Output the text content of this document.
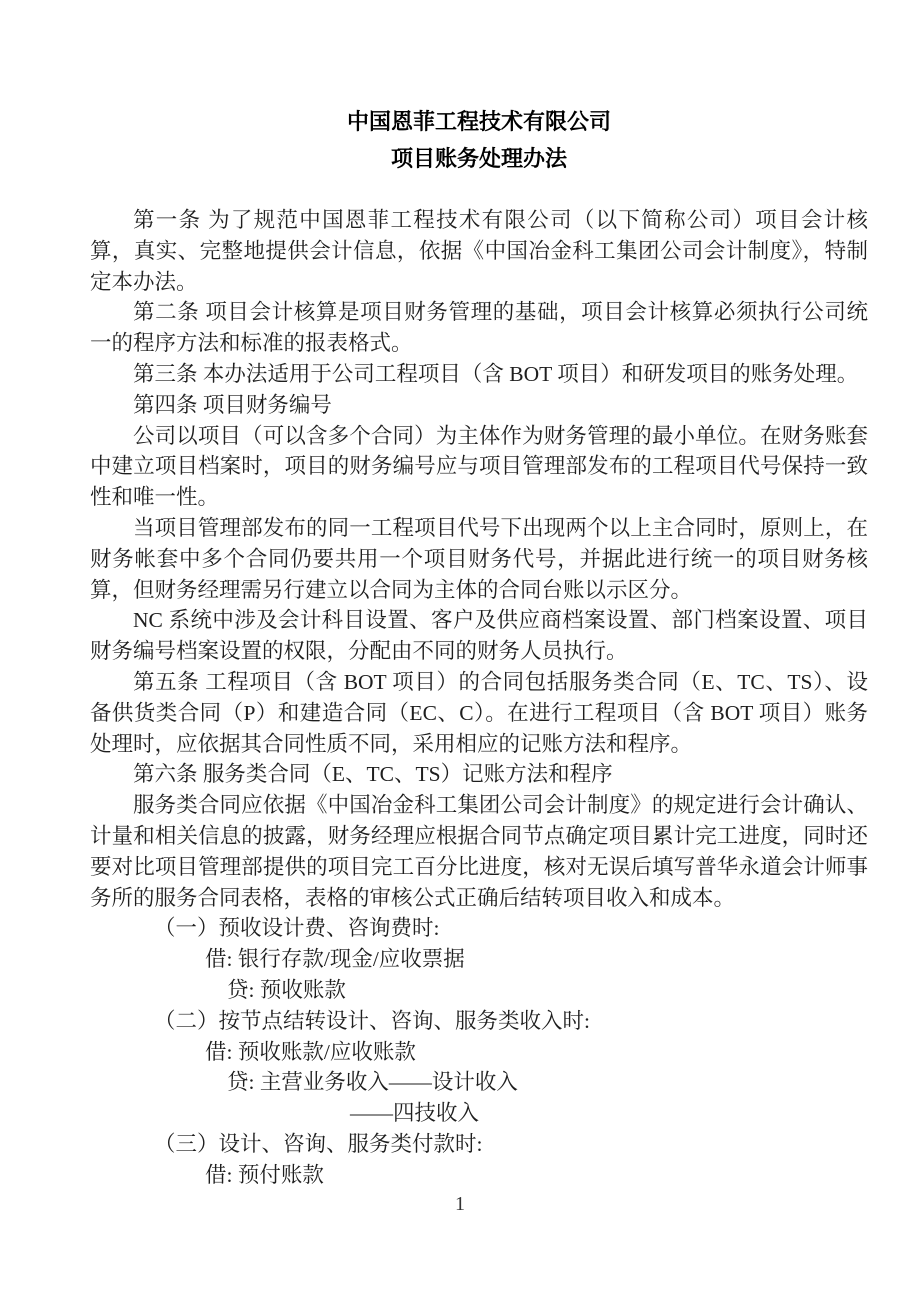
中国恩菲工程技术有限公司
项目账务处理办法

第一条 为了规范中国恩菲工程技术有限公司（以下简称公司）项目会计核算，真实、完整地提供会计信息，依据《中国冶金科工集团公司会计制度》，特制定本办法。

第二条 项目会计核算是项目财务管理的基础，项目会计核算必须执行公司统一的程序方法和标准的报表格式。

第三条 本办法适用于公司工程项目（含 BOT 项目）和研发项目的账务处理。

第四条 项目财务编号

公司以项目（可以含多个合同）为主体作为财务管理的最小单位。在财务账套中建立项目档案时，项目的财务编号应与项目管理部发布的工程项目代号保持一致性和唯一性。

当项目管理部发布的同一工程项目代号下出现两个以上主合同时，原则上，在财务帐套中多个合同仍要共用一个项目财务代号，并据此进行统一的项目财务核算，但财务经理需另行建立以合同为主体的合同台账以示区分。

NC 系统中涉及会计科目设置、客户及供应商档案设置、部门档案设置、项目财务编号档案设置的权限，分配由不同的财务人员执行。

第五条 工程项目（含 BOT 项目）的合同包括服务类合同（E、TC、TS）、设备供货类合同（P）和建造合同（EC、C）。在进行工程项目（含 BOT 项目）账务处理时，应依据其合同性质不同，采用相应的记账方法和程序。

第六条 服务类合同（E、TC、TS）记账方法和程序

服务类合同应依据《中国冶金科工集团公司会计制度》的规定进行会计确认、计量和相关信息的披露，财务经理应根据合同节点确定项目累计完工进度，同时还要对比项目管理部提供的项目完工百分比进度，核对无误后填写普华永道会计师事务所的服务合同表格，表格的审核公式正确后结转项目收入和成本。

（一）预收设计费、咨询费时:
借: 银行存款/现金/应收票据
贷: 预收账款
（二）按节点结转设计、咨询、服务类收入时:
借: 预收账款/应收账款
贷: 主营业务收入——设计收入
——四技收入
（三）设计、咨询、服务类付款时:
借: 预付账款
1
